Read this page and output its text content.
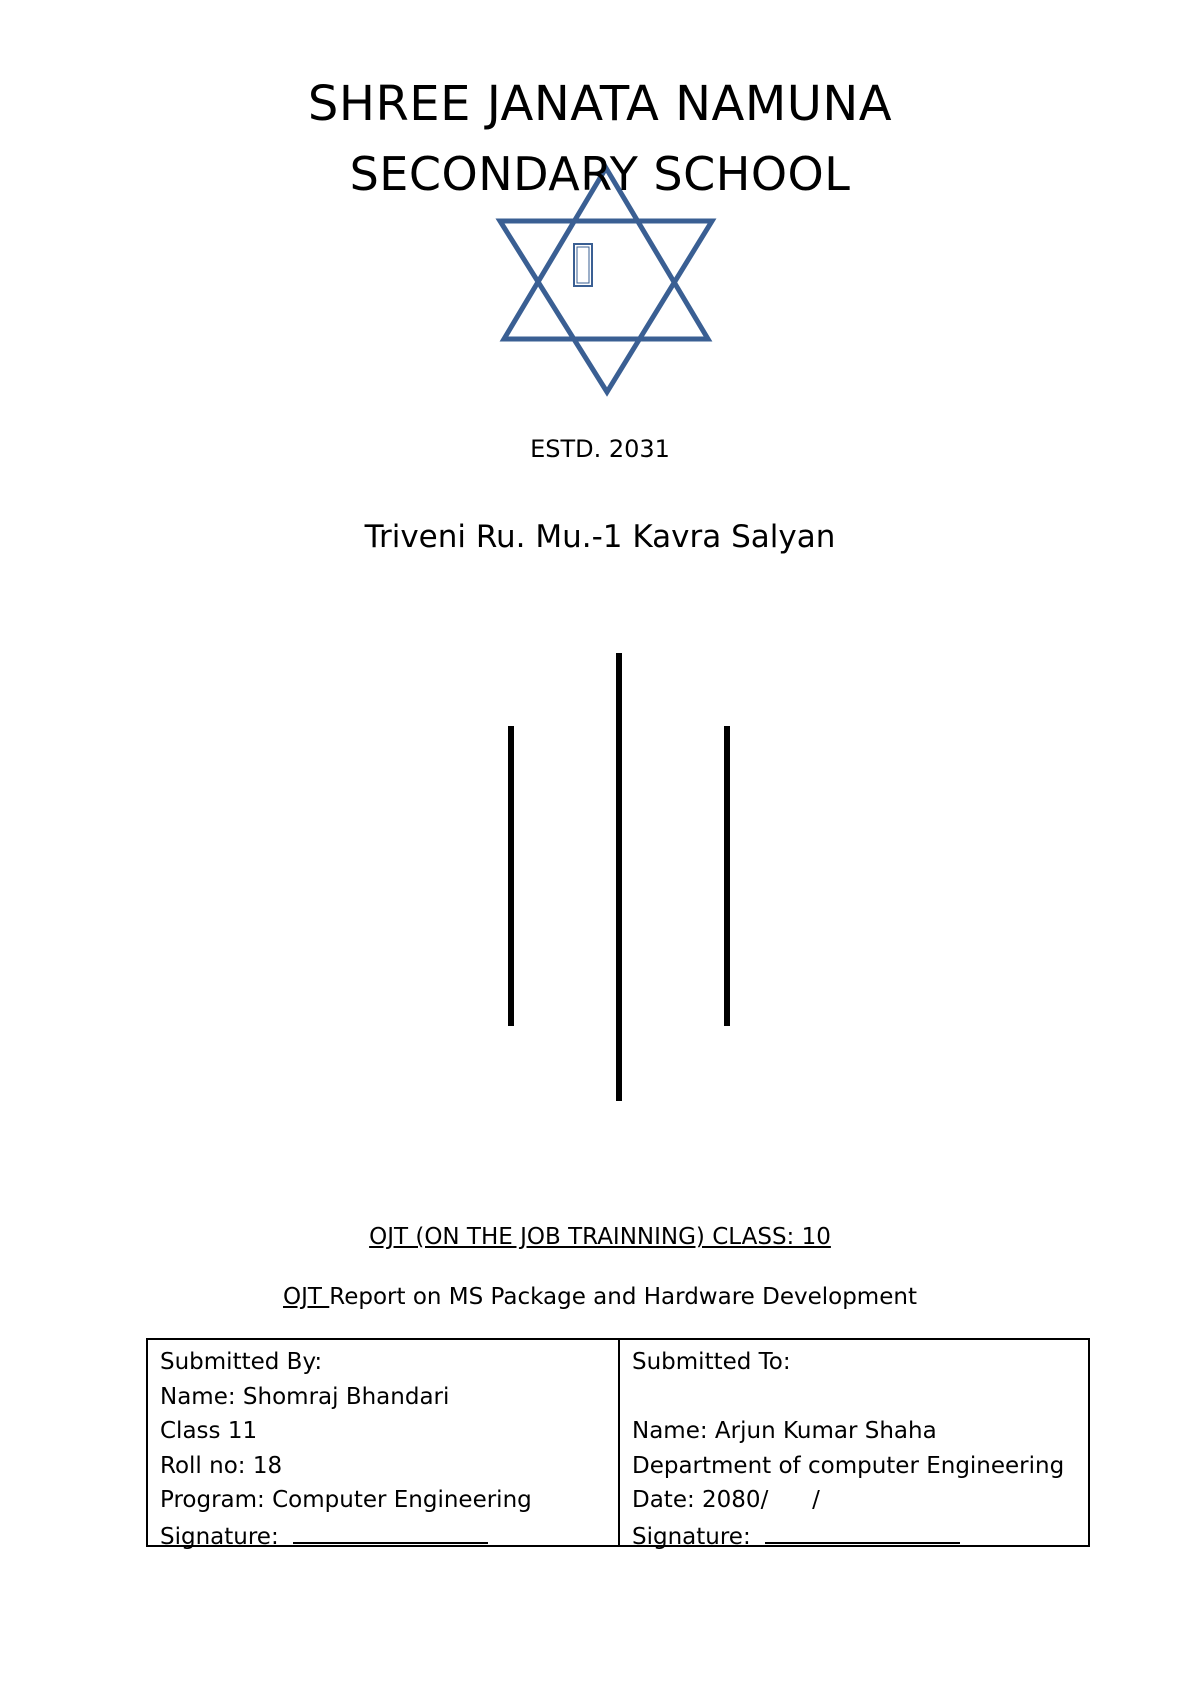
SHREE JANATA NAMUNA
SECONDARY SCHOOL
ESTD. 2031
Triveni Ru. Mu.-1 Kavra Salyan
OJT (ON THE JOB TRAINNING) CLASS: 10
OJT Report on MS Package and Hardware Development
Submitted By:
Name: Shomraj Bhandari
Class 11
Roll no: 18
Program: Computer Engineering
Signature:
Submitted To:
Name: Arjun Kumar Shaha
Department of computer Engineering
Date: 2080/      /
Signature:
